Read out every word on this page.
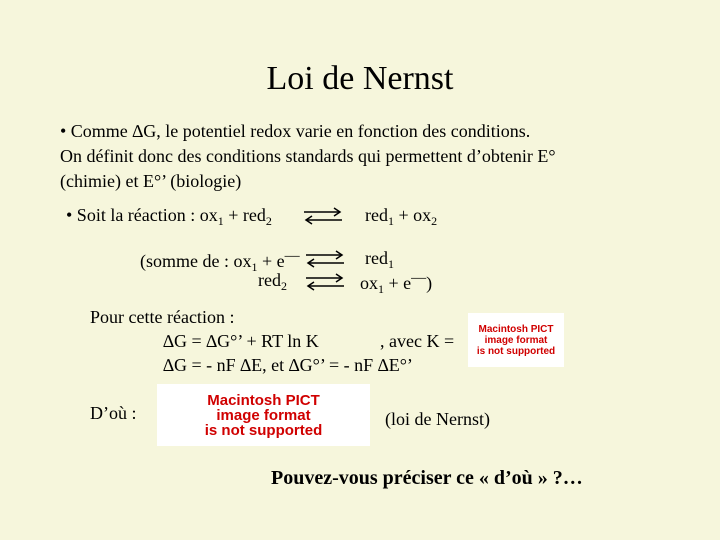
Loi de Nernst
• Comme ∆G, le potentiel redox varie en fonction des conditions.
On définit donc des conditions standards qui permettent d’obtenir E°
(chimie) et E°’ (biologie)
• Soit la réaction : $ox_1 + red_2$ ⇌ $red_1 + ox_2$
(somme de : $ox_1 + e^—$ ⇌ red$_1$
red$_2$ ⇌ $ox_1 + e^—$)
Pour cette réaction :
∆G = ∆G°’ + RT ln K	, avec K =
Macintosh PICT
image format
is not supported
∆G = - nF ∆E, et ∆G°’ = - nF ∆E°’
D’où :
Macintosh PICT
image format
is not supported
(loi de Nernst)
Pouvez-vous préciser ce « d’où » ?…
